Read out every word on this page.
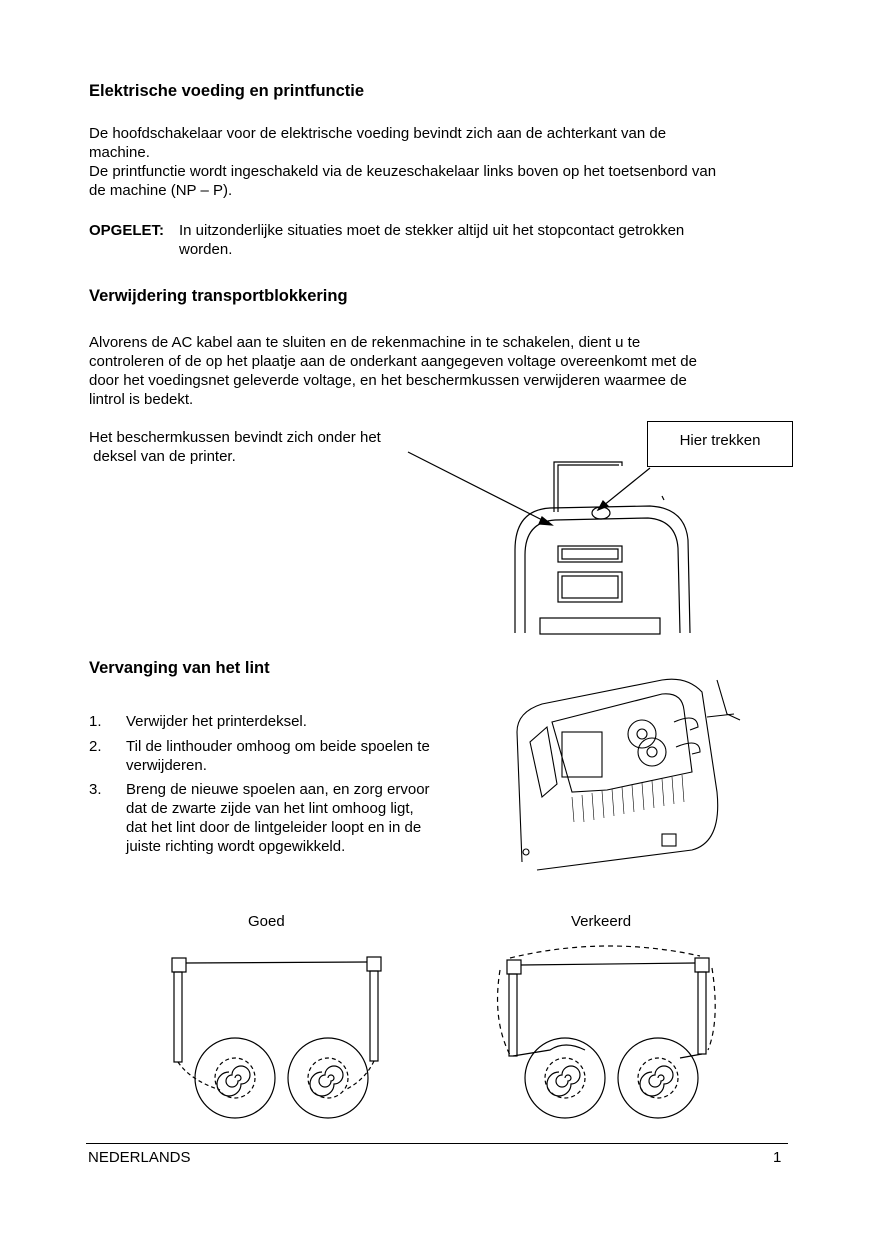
Elektrische voeding en printfunctie

De hoofdschakelaar voor de elektrische voeding bevindt zich aan de achterkant van de

machine.

De printfunctie wordt ingeschakeld via de keuzeschakelaar links boven op het toetsenbord van

de machine (NP – P).

OPGELET: In uitzonderlijke situaties moet de stekker altijd uit het stopcontact getrokken

worden.

Verwijdering transportblokkering

Alvorens de AC kabel aan te sluiten en de rekenmachine in te schakelen, dient u te

controleren of de op het plaatje aan de onderkant aangegeven voltage overeenkomt met de

door het voedingsnet geleverde voltage, en het beschermkussen verwijderen waarmee de

lintrol is bedekt.

Het beschermkussen bevindt zich onder het

deksel van de printer.

Hier trekken
Vervanging van het lint
1. Verwijder het printerdeksel.
2. Til de linthouder omhoog om beide spoelen te
verwijderen.
3. Breng de nieuwe spoelen aan, en zorg ervoor
dat de zwarte zijde van het lint omhoog ligt,
dat het lint door de lintgeleider loopt en in de
juiste richting wordt opgewikkeld.

Goed	Verkeerd

NEDERLANDS	1
